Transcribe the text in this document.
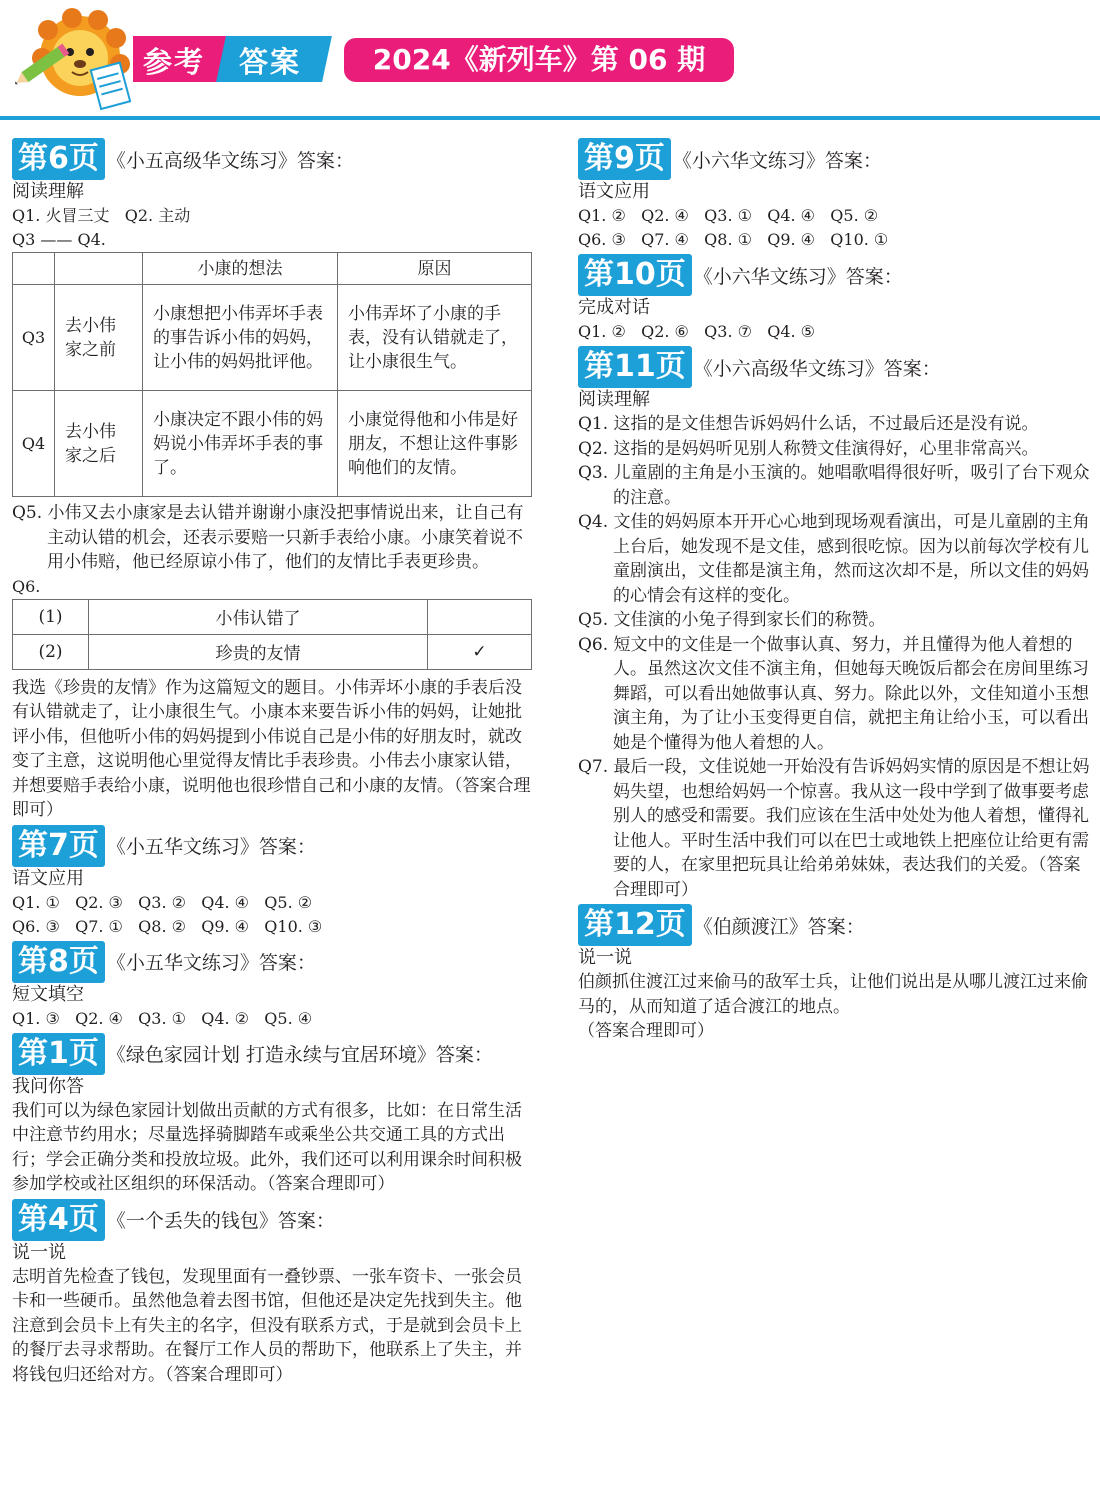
参考	答案	2024《新列车》第 06 期
第6页 《小五高级华文练习》答案：
阅读理解
Q1. 火冒三丈   Q2. 主动
Q3 —— Q4.
		小康的想法	原因
Q3	去小伟家之前	小康想把小伟弄坏手表的事告诉小伟的妈妈，让小伟的妈妈批评他。	小伟弄坏了小康的手表，没有认错就走了，让小康很生气。
Q4	去小伟家之后	小康决定不跟小伟的妈妈说小伟弄坏手表的事了。	小康觉得他和小伟是好朋友，不想让这件事影响他们的友情。
Q5. 小伟又去小康家是去认错并谢谢小康没把事情说出来，让自己有主动认错的机会，还表示要赔一只新手表给小康。小康笑着说不用小伟赔，他已经原谅小伟了，他们的友情比手表更珍贵。
Q6.
(1)	小伟认错了	
(2)	珍贵的友情	✓
我选《珍贵的友情》作为这篇短文的题目。小伟弄坏小康的手表后没有认错就走了，让小康很生气。小康本来要告诉小伟的妈妈，让她批评小伟，但他听小伟的妈妈提到小伟说自己是小伟的好朋友时，就改变了主意，这说明他心里觉得友情比手表珍贵。小伟去小康家认错，并想要赔手表给小康，说明他也很珍惜自己和小康的友情。（答案合理即可）
第7页 《小五华文练习》答案：
语文应用
Q1. ①   Q2. ③   Q3. ②   Q4. ④   Q5. ②
Q6. ③   Q7. ①   Q8. ②   Q9. ④   Q10. ③
第8页 《小五华文练习》答案：
短文填空
Q1. ③   Q2. ④   Q3. ①   Q4. ②   Q5. ④
第1页 《绿色家园计划 打造永续与宜居环境》答案：
我问你答
我们可以为绿色家园计划做出贡献的方式有很多，比如：在日常生活中注意节约用水；尽量选择骑脚踏车或乘坐公共交通工具的方式出行；学会正确分类和投放垃圾。此外，我们还可以利用课余时间积极参加学校或社区组织的环保活动。（答案合理即可）
第4页 《一个丢失的钱包》答案：
说一说
志明首先检查了钱包，发现里面有一叠钞票、一张车资卡、一张会员卡和一些硬币。虽然他急着去图书馆，但他还是决定先找到失主。他注意到会员卡上有失主的名字，但没有联系方式，于是就到会员卡上的餐厅去寻求帮助。在餐厅工作人员的帮助下，他联系上了失主，并将钱包归还给对方。（答案合理即可）
第9页 《小六华文练习》答案：
语文应用
Q1. ②   Q2. ④   Q3. ①   Q4. ④   Q5. ②
Q6. ③   Q7. ④   Q8. ①   Q9. ④   Q10. ①
第10页 《小六华文练习》答案：
完成对话
Q1. ②   Q2. ⑥   Q3. ⑦   Q4. ⑤
第11页 《小六高级华文练习》答案：
阅读理解
Q1. 这指的是文佳想告诉妈妈什么话，不过最后还是没有说。
Q2. 这指的是妈妈听见别人称赞文佳演得好，心里非常高兴。
Q3. 儿童剧的主角是小玉演的。她唱歌唱得很好听，吸引了台下观众的注意。
Q4. 文佳的妈妈原本开开心心地到现场观看演出，可是儿童剧的主角上台后，她发现不是文佳，感到很吃惊。因为以前每次学校有儿童剧演出，文佳都是演主角，然而这次却不是，所以文佳的妈妈的心情会有这样的变化。
Q5. 文佳演的小兔子得到家长们的称赞。
Q6. 短文中的文佳是一个做事认真、努力，并且懂得为他人着想的人。虽然这次文佳不演主角，但她每天晚饭后都会在房间里练习舞蹈，可以看出她做事认真、努力。除此以外，文佳知道小玉想演主角，为了让小玉变得更自信，就把主角让给小玉，可以看出她是个懂得为他人着想的人。
Q7. 最后一段，文佳说她一开始没有告诉妈妈实情的原因是不想让妈妈失望，也想给妈妈一个惊喜。我从这一段中学到了做事要考虑别人的感受和需要。我们应该在生活中处处为他人着想，懂得礼让他人。平时生活中我们可以在巴士或地铁上把座位让给更有需要的人，在家里把玩具让给弟弟妹妹，表达我们的关爱。（答案合理即可）
第12页 《伯颜渡江》答案：
说一说
伯颜抓住渡江过来偷马的敌军士兵，让他们说出是从哪儿渡江过来偷马的，从而知道了适合渡江的地点。
（答案合理即可）
